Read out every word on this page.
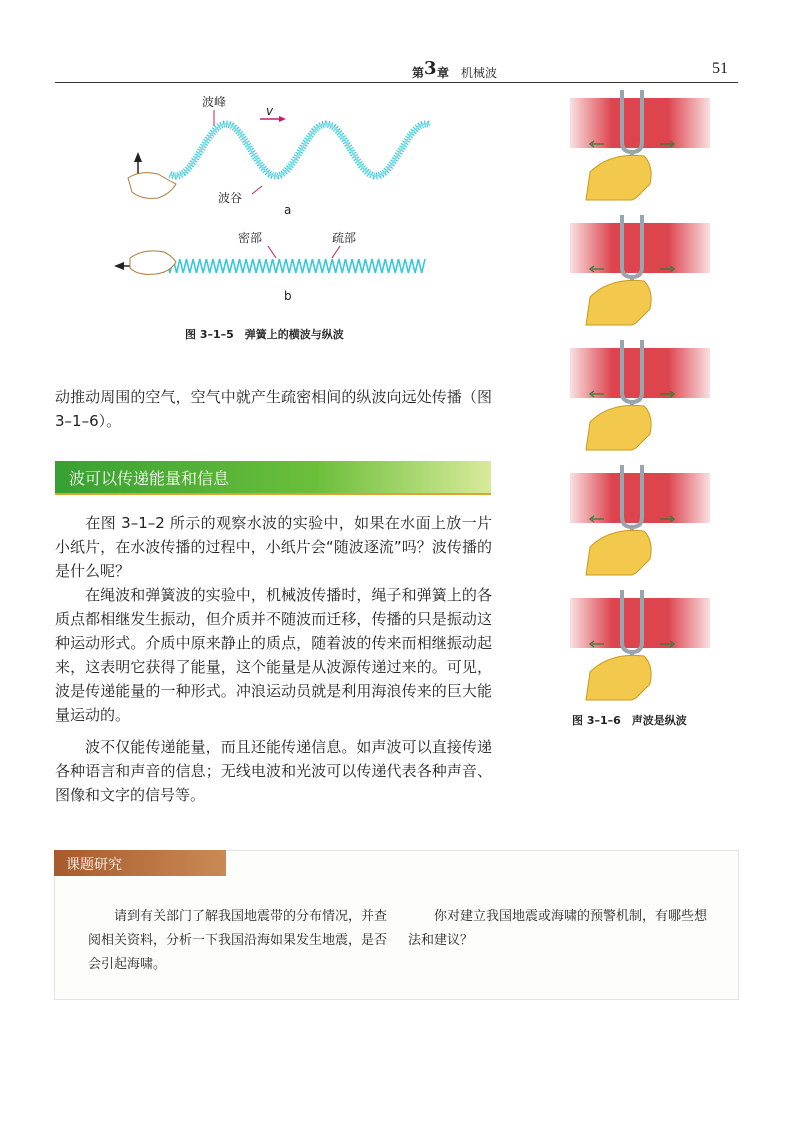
第 3 章 机械波	51
v
波峰
波谷
a
密部	疏部
b
图 3–1–5　弹簧上的横波与纵波
动推动周围的空气，空气中就产生疏密相间的纵波向远处传播（图 3–1–6）。
波可以传递能量和信息
在图 3–1–2 所示的观察水波的实验中，如果在水面上放一片小纸片，在水波传播的过程中，小纸片会“随波逐流”吗？波传播的是什么呢？
在绳波和弹簧波的实验中，机械波传播时，绳子和弹簧上的各质点都相继发生振动，但介质并不随波而迁移，传播的只是振动这种运动形式。介质中原来静止的质点，随着波的传来而相继振动起来，这表明它获得了能量，这个能量是从波源传递过来的。可见，波是传递能量的一种形式。冲浪运动员就是利用海浪传来的巨大能量运动的。
波不仅能传递能量，而且还能传递信息。如声波可以直接传递各种语言和声音的信息；无线电波和光波可以传递代表各种声音、图像和文字的信号等。
图 3–1–6　声波是纵波
课题研究
请到有关部门了解我国地震带的分布情况，并查阅相关资料，分析一下我国沿海如果发生地震，是否会引起海啸。
你对建立我国地震或海啸的预警机制，有哪些想法和建议？
